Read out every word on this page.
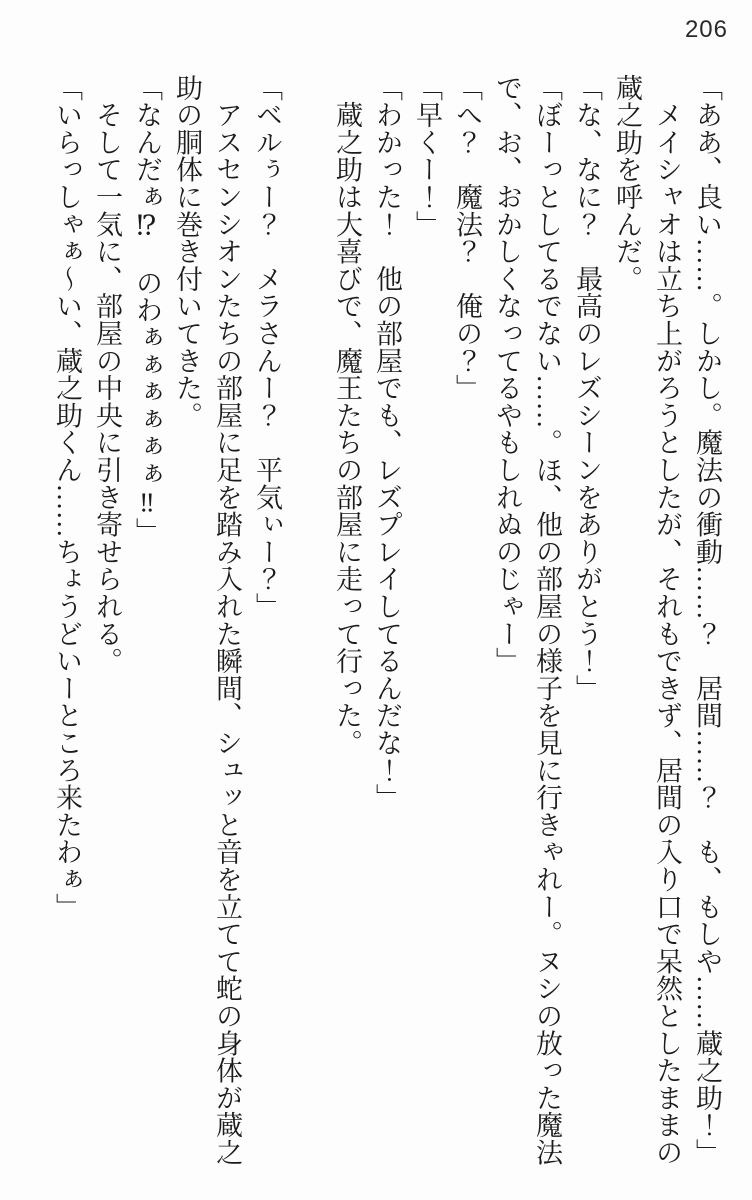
206

「ああ、良い……。しかし。魔法の衝動……？　居間……？　も、もしや……蔵之助！」

　メイシャオは立ち上がろうとしたが、それもできず、居間の入り口で呆然としたままの
蔵之助を呼んだ。

「な、なに？　最高のレズシーンをありがとう！」

「ぼーっとしてるでない……。ほ、他の部屋の様子を見に行きゃれー。ヌシの放った魔法
で、お、おかしくなってるやもしれぬのじゃー」

「へ？　魔法？　俺の？」

「早くー！」

「わかった！　他の部屋でも、レズプレイしてるんだな！」

　蔵之助は大喜びで、魔王たちの部屋に走って行った。

「ベルぅー？　メラさんー？　平気ぃー？」

　アスセンシオンたちの部屋に足を踏み入れた瞬間、シュッと音を立てて蛇の身体が蔵之
助の胴体に巻き付いてきた。

「なんだぁ⁉　のわぁぁぁぁぁぁ‼」

　そして一気に、部屋の中央に引き寄せられる。

「いらっしゃぁ～い、蔵之助くん……ちょうどいーところ来たわぁ」
